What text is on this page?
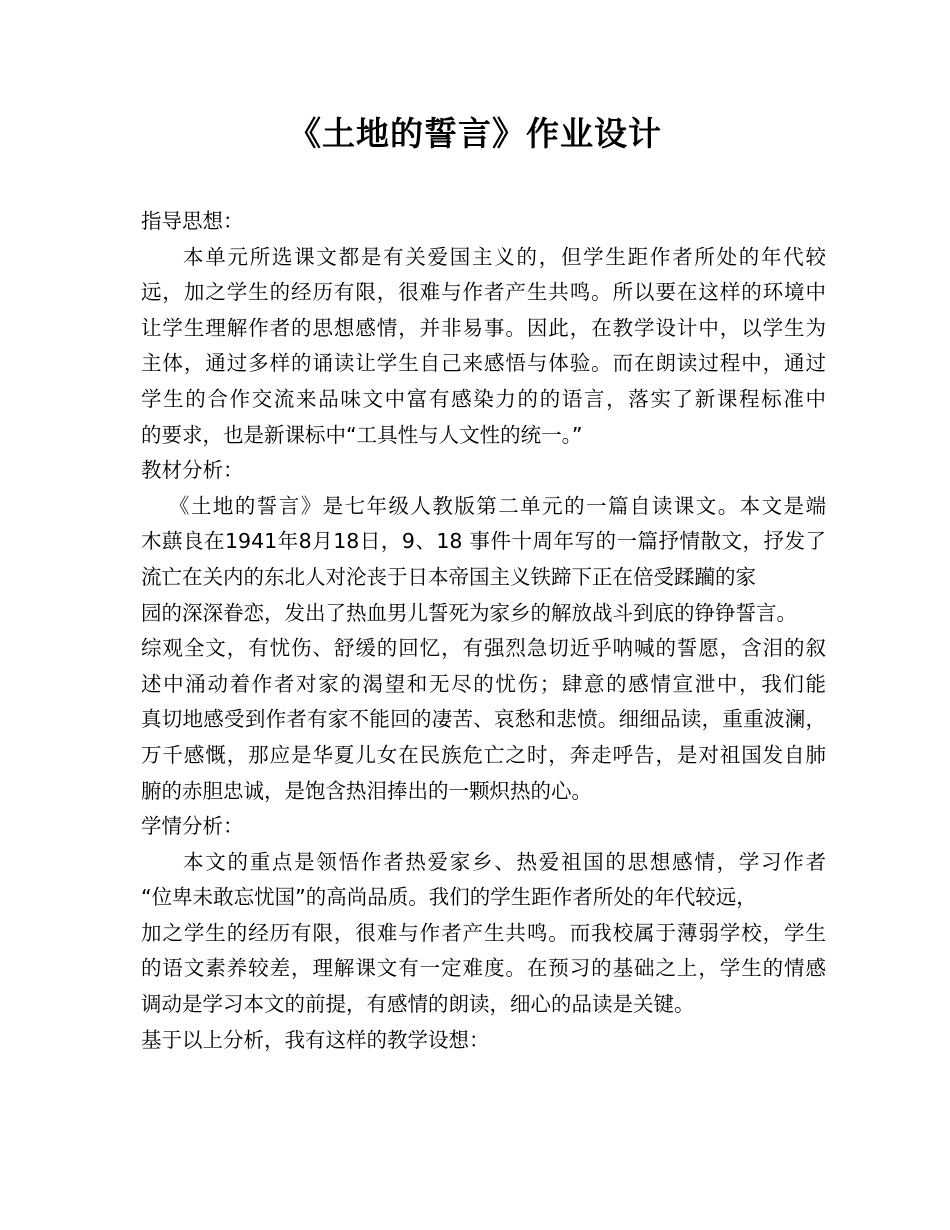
《土地的誓言》作业设计
指导思想：
本单元所选课文都是有关爱国主义的，但学生距作者所处的年代较
远，加之学生的经历有限，很难与作者产生共鸣。所以要在这样的环境中
让学生理解作者的思想感情，并非易事。因此，在教学设计中，以学生为
主体，通过多样的诵读让学生自己来感悟与体验。而在朗读过程中，通过
学生的合作交流来品味文中富有感染力的的语言，落实了新课程标准中
的要求，也是新课标中“工具性与人文性的统一。”
教材分析：
《土地的誓言》是七年级人教版第二单元的一篇自读课文。本文是端
木蕻良在1941年8月18日，9、18 事件十周年写的一篇抒情散文，抒发了
流亡在关内的东北人对沦丧于日本帝国主义铁蹄下正在倍受蹂躏的家
园的深深眷恋，发出了热血男儿誓死为家乡的解放战斗到底的铮铮誓言。
综观全文，有忧伤、舒缓的回忆，有强烈急切近乎呐喊的誓愿，含泪的叙
述中涌动着作者对家的渴望和无尽的忧伤；肆意的感情宣泄中，我们能
真切地感受到作者有家不能回的凄苦、哀愁和悲愤。细细品读，重重波澜，
万千感慨，那应是华夏儿女在民族危亡之时，奔走呼告，是对祖国发自肺
腑的赤胆忠诚，是饱含热泪捧出的一颗炽热的心。
学情分析：
本文的重点是领悟作者热爱家乡、热爱祖国的思想感情，学习作者
“位卑未敢忘忧国”的高尚品质。我们的学生距作者所处的年代较远，
加之学生的经历有限，很难与作者产生共鸣。而我校属于薄弱学校，学生
的语文素养较差，理解课文有一定难度。在预习的基础之上，学生的情感
调动是学习本文的前提，有感情的朗读，细心的品读是关键。
基于以上分析，我有这样的教学设想：
